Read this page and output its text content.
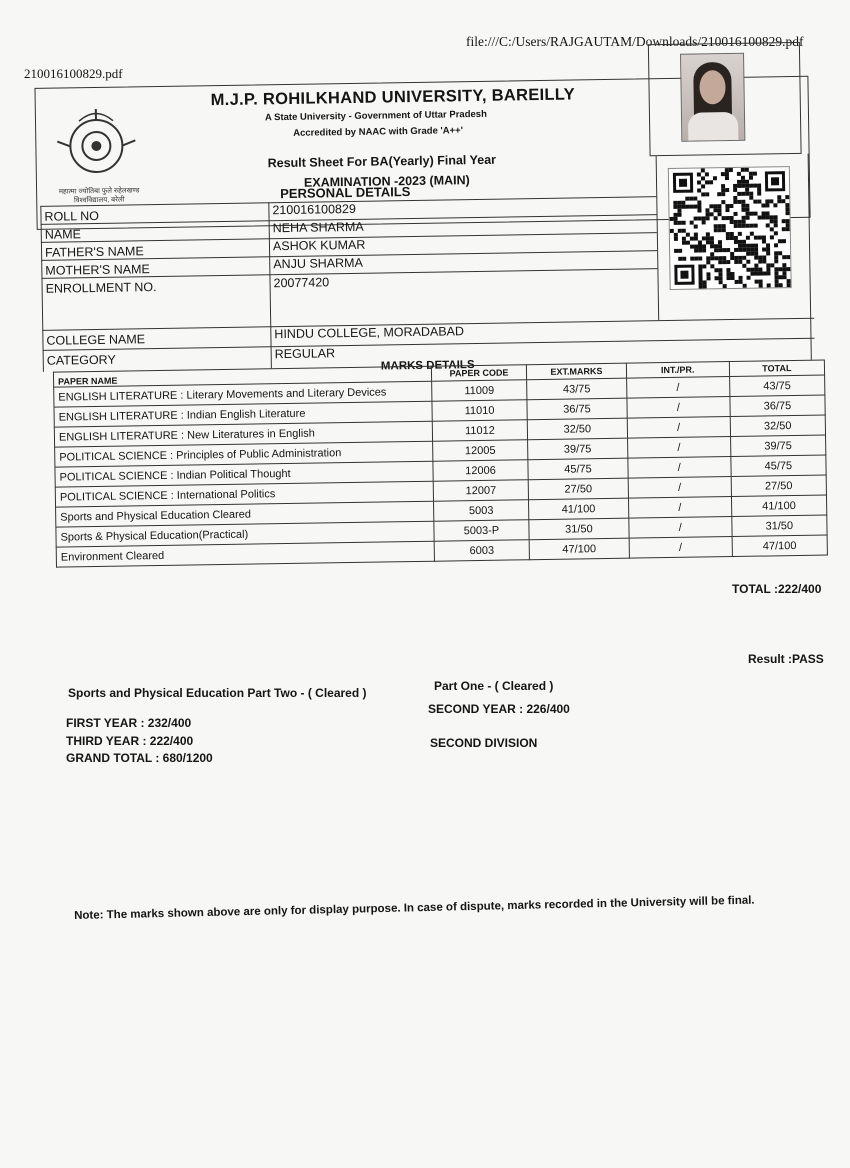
file:///C:/Users/RAJGAUTAM/Downloads/210016100829.pdf
210016100829.pdf
महात्मा ज्योतिबा फुले रुहेलखण्ड विश्वविद्यालय, बरेली
M.J.P. ROHILKHAND UNIVERSITY, BAREILLY
A State University - Government of Uttar Pradesh
Accredited by NAAC with Grade 'A++'
Result Sheet For BA(Yearly) Final Year
EXAMINATION -2023 (MAIN)
PERSONAL DETAILS
ROLL NO	210016100829
NAME	NEHA SHARMA
FATHER'S NAME	ASHOK KUMAR
MOTHER'S NAME	ANJU SHARMA
ENROLLMENT NO.	20077420
COLLEGE NAME	HINDU COLLEGE, MORADABAD
CATEGORY	REGULAR
MARKS DETAILS
PAPER NAME	PAPER CODE	EXT.MARKS	INT./PR.	TOTAL
ENGLISH LITERATURE : Literary Movements and Literary Devices	11009	43/75	/	43/75
ENGLISH LITERATURE : Indian English Literature	11010	36/75	/	36/75
ENGLISH LITERATURE : New Literatures in English	11012	32/50	/	32/50
POLITICAL SCIENCE : Principles of Public Administration	12005	39/75	/	39/75
POLITICAL SCIENCE : Indian Political Thought	12006	45/75	/	45/75
POLITICAL SCIENCE : International Politics	12007	27/50	/	27/50
Sports and Physical Education Cleared	5003	41/100	/	41/100
Sports & Physical Education(Practical)	5003-P	31/50	/	31/50
Environment Cleared	6003	47/100	/	47/100
TOTAL :222/400
Result :PASS
Sports and Physical Education Part Two - ( Cleared )	Part One - ( Cleared )
FIRST YEAR : 232/400
SECOND YEAR : 226/400
THIRD YEAR : 222/400	SECOND DIVISION
GRAND TOTAL : 680/1200
Note: The marks shown above are only for display purpose. In case of dispute, marks recorded in the University will be final.
